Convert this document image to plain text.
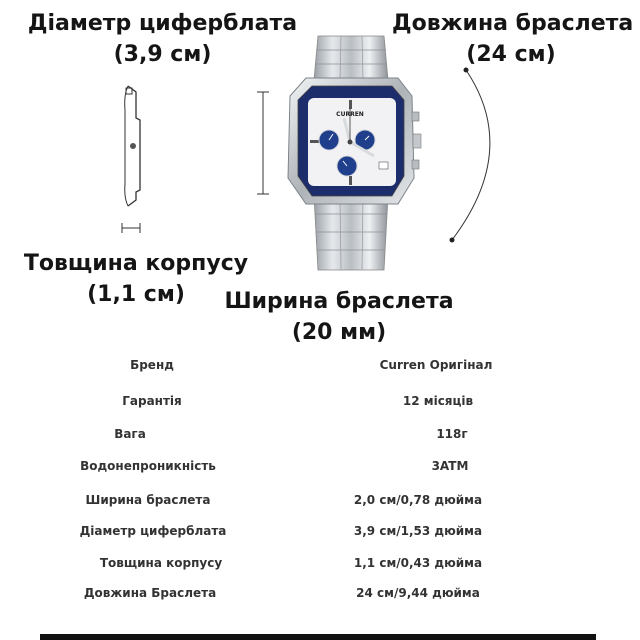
Діаметр циферблата
(3,9 см)
Довжина браслета
(24 см)
Товщина корпусу
(1,1 см)	Ширина браслета
(20 мм)
CURREN
Бренд	Curren Оригінал
Гарантія	12 місяців
Вага	118г
Водонепроникність	3ATM
Ширина браслета	2,0 см/0,78 дюйма
Діаметр циферблата	3,9 см/1,53 дюйма
Товщина корпусу	1,1 см/0,43 дюйма
Довжина Браслета	24 см/9,44 дюйма
